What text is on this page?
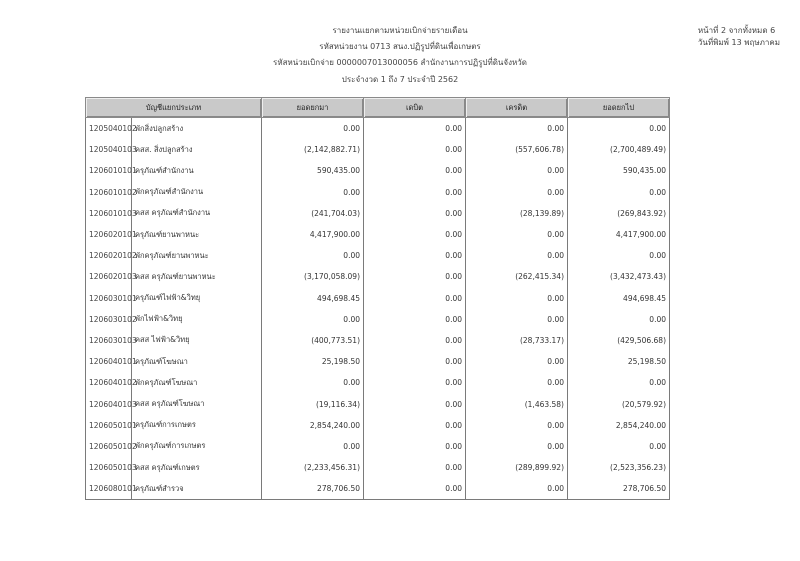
รายงานแยกตามหน่วยเบิกจ่ายรายเดือน
รหัสหน่วยงาน 0713 สนง.ปฏิรูปที่ดินเพื่อเกษตร
รหัสหน่วยเบิกจ่าย 0000007013000056 สำนักงานการปฏิรูปที่ดินจังหวัด
ประจำงวด 1 ถึง 7 ประจำปี 2562
หน้าที่ 2 จากทั้งหมด 6
วันที่พิมพ์ 13 พฤษภาคม
บัญชีแยกประเภท		ยอดยกมา	เดบิต	เครดิต	ยอดยกไป
1205040102	พักสิ่งปลูกสร้าง	0.00	0.00	0.00	0.00
1205040103	คสส. สิ่งปลูกสร้าง	(2,142,882.71)	0.00	(557,606.78)	(2,700,489.49)
1206010101	ครุภัณฑ์สำนักงาน	590,435.00	0.00	0.00	590,435.00
1206010102	พักครุภัณฑ์สำนักงาน	0.00	0.00	0.00	0.00
1206010103	คสส ครุภัณฑ์สำนักงาน	(241,704.03)	0.00	(28,139.89)	(269,843.92)
1206020101	ครุภัณฑ์ยานพาหนะ	4,417,900.00	0.00	0.00	4,417,900.00
1206020102	พักครุภัณฑ์ยานพาหนะ	0.00	0.00	0.00	0.00
1206020103	คสส ครุภัณฑ์ยานพาหนะ	(3,170,058.09)	0.00	(262,415.34)	(3,432,473.43)
1206030101	ครุภัณฑ์ไฟฟ้า&วิทยุ	494,698.45	0.00	0.00	494,698.45
1206030102	พักไฟฟ้า&วิทยุ	0.00	0.00	0.00	0.00
1206030103	คสส ไฟฟ้า&วิทยุ	(400,773.51)	0.00	(28,733.17)	(429,506.68)
1206040101	ครุภัณฑ์โฆษณา	25,198.50	0.00	0.00	25,198.50
1206040102	พักครุภัณฑ์โฆษณา	0.00	0.00	0.00	0.00
1206040103	คสส ครุภัณฑ์โฆษณา	(19,116.34)	0.00	(1,463.58)	(20,579.92)
1206050101	ครุภัณฑ์การเกษตร	2,854,240.00	0.00	0.00	2,854,240.00
1206050102	พักครุภัณฑ์การเกษตร	0.00	0.00	0.00	0.00
1206050103	คสส ครุภัณฑ์เกษตร	(2,233,456.31)	0.00	(289,899.92)	(2,523,356.23)
1206080101	ครุภัณฑ์สำรวจ	278,706.50	0.00	0.00	278,706.50
